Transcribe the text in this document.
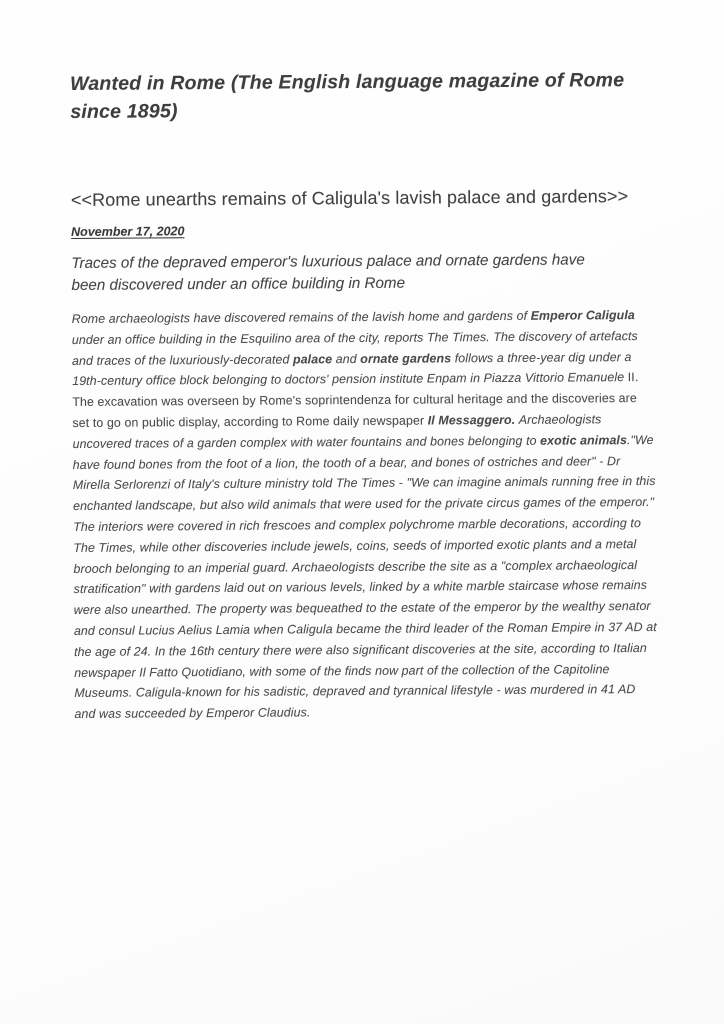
Wanted in Rome (The English language magazine of Rome since 1895)
<<Rome unearths remains of Caligula's lavish palace and gardens>>
November 17, 2020
Traces of the depraved emperor's luxurious palace and ornate gardens have been discovered under an office building in Rome

Rome archaeologists have discovered remains of the lavish home and gardens of Emperor Caligula under an office building in the Esquilino area of the city, reports The Times. The discovery of artefacts and traces of the luxuriously-decorated palace and ornate gardens follows a three-year dig under a 19th-century office block belonging to doctors' pension institute Enpam in Piazza Vittorio Emanuele II. The excavation was overseen by Rome's soprintendenza for cultural heritage and the discoveries are set to go on public display, according to Rome daily newspaper Il Messaggero. Archaeologists uncovered traces of a garden complex with water fountains and bones belonging to exotic animals."We have found bones from the foot of a lion, the tooth of a bear, and bones of ostriches and deer" - Dr Mirella Serlorenzi of Italy's culture ministry told The Times - "We can imagine animals running free in this enchanted landscape, but also wild animals that were used for the private circus games of the emperor." The interiors were covered in rich frescoes and complex polychrome marble decorations, according to The Times, while other discoveries include jewels, coins, seeds of imported exotic plants and a metal brooch belonging to an imperial guard. Archaeologists describe the site as a "complex archaeological stratification" with gardens laid out on various levels, linked by a white marble staircase whose remains were also unearthed. The property was bequeathed to the estate of the emperor by the wealthy senator and consul Lucius Aelius Lamia when Caligula became the third leader of the Roman Empire in 37 AD at the age of 24. In the 16th century there were also significant discoveries at the site, according to Italian newspaper Il Fatto Quotidiano, with some of the finds now part of the collection of the Capitoline Museums. Caligula-known for his sadistic, depraved and tyrannical lifestyle - was murdered in 41 AD and was succeeded by Emperor Claudius.
